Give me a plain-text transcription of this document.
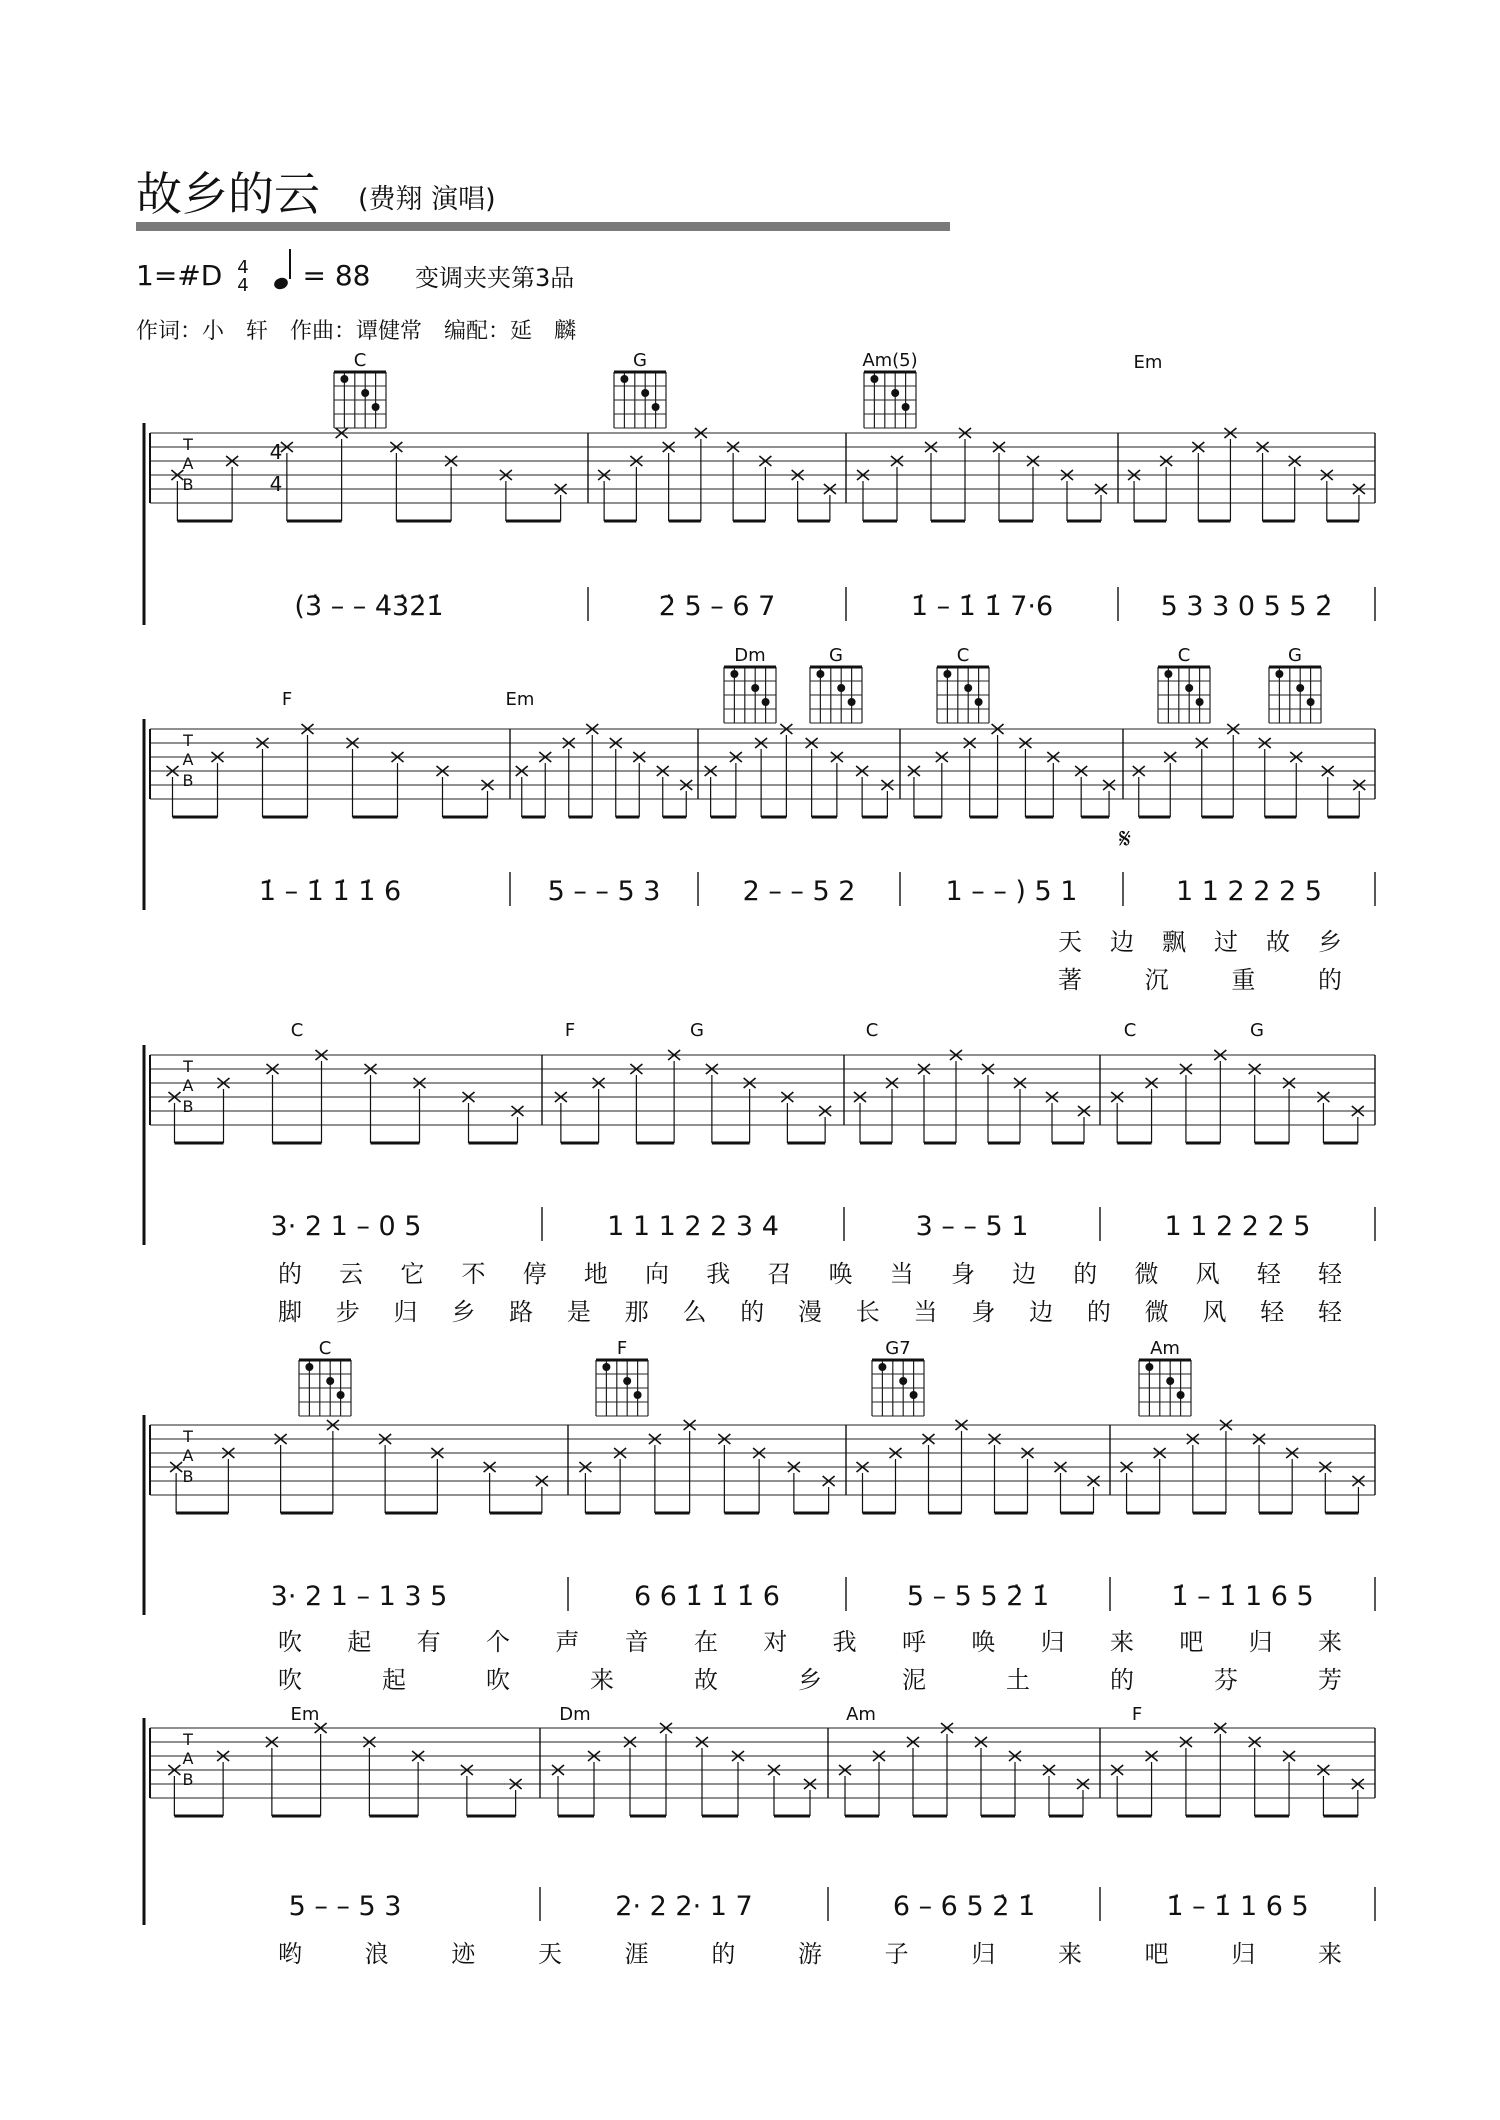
故乡的云 (费翔 演唱)
1=#D 4
4 = 88 变调夹夹第3品
作词：小　轩　作曲：谭健常　编配：延　麟
T
A
B
4
4
C	G	Am(5)	Em
(3̇ – – 4̇3̇2̇1̇	2̇ 5 – 6 7	1̇ – 1̇ 1̇ 7·6	5 3 3 0 5 5 2̇
T
A
B
F	Em
Dm	G	C	C	G
1̇ – 1̇ 1̇ 1̇ 6	5 – – 5 3	2 – – 5 2	1 – – ) 5 1	1 1 2 2 2 5
天 边 飘 过 故 乡
著	沉	重	的
T
A
B
C	F	G	C	C	G
3· 2 1 – 0 5	1 1 1 2 2 3 4	3 – – 5 1	1 1 2 2 2 5
的 云 它 不 停 地 向 我 召 唤 当 身 边 的 微 风 轻 轻
脚 步 归 乡 路 是 那 么 的 漫 长 当 身 边 的 微 风 轻 轻
T
A
B
C	F	G7	Am
3· 2 1 – 1 3 5	6 6 1̇ 1̇ 1̇ 6	5 – 5 5 2̇ 1̇	1̇ – 1̇ 1 6 5
吹 起 有 个 声 音 在 对 我 呼 唤 归 来 吧 归 来
吹	起	吹	来	故	乡	泥	土	的	芬	芳
T
A
B
Em	Dm	Am	F
5 – – 5 3	2· 2 2· 1 7	6 – 6 5 2̇ 1̇	1̇ – 1̇ 1 6 5
哟	浪	迹	天	涯	的	游	子	归	来	吧	归	来
𝄋
